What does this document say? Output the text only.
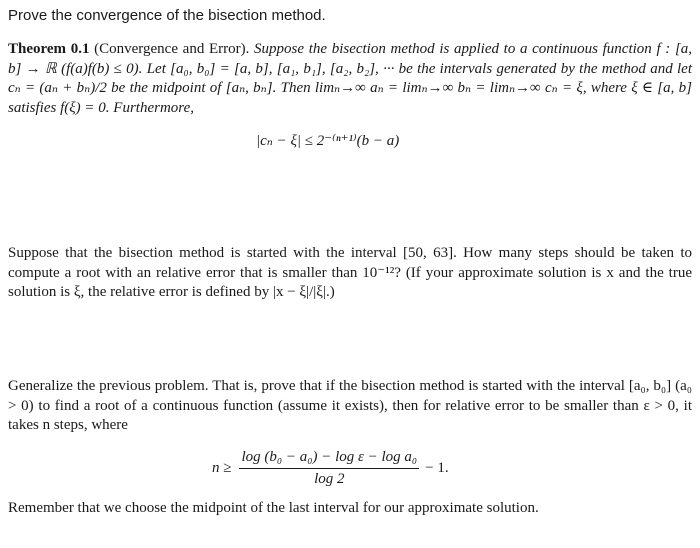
Prove the convergence of the bisection method.
Theorem 0.1 (Convergence and Error). Suppose the bisection method is applied to a continuous function f : [a, b] → ℝ (f(a)f(b) ≤ 0). Let [a₀, b₀] = [a, b], [a₁, b₁], [a₂, b₂], ··· be the intervals generated by the method and let cₙ = (aₙ + bₙ)/2 be the midpoint of [aₙ, bₙ]. Then limₙ→∞ aₙ = limₙ→∞ bₙ = limₙ→∞ cₙ = ξ, where ξ ∈ [a, b] satisfies f(ξ) = 0. Furthermore,
|cₙ − ξ| ≤ 2⁻⁽ⁿ⁺¹⁾(b − a)
Suppose that the bisection method is started with the interval [50, 63]. How many steps should be taken to compute a root with an relative error that is smaller than 10⁻¹²? (If your approximate solution is x and the true solution is ξ, the relative error is defined by |x − ξ|/|ξ|.)
Generalize the previous problem. That is, prove that if the bisection method is started with the interval [a₀, b₀] (a₀ > 0) to find a root of a continuous function (assume it exists), then for relative error to be smaller than ε > 0, it takes n steps, where
$n \ge \frac{\text{log (b₀ − a₀) − log ε − log a₀}}{\log 2} - 1$.
Remember that we choose the midpoint of the last interval for our approximate solution.
